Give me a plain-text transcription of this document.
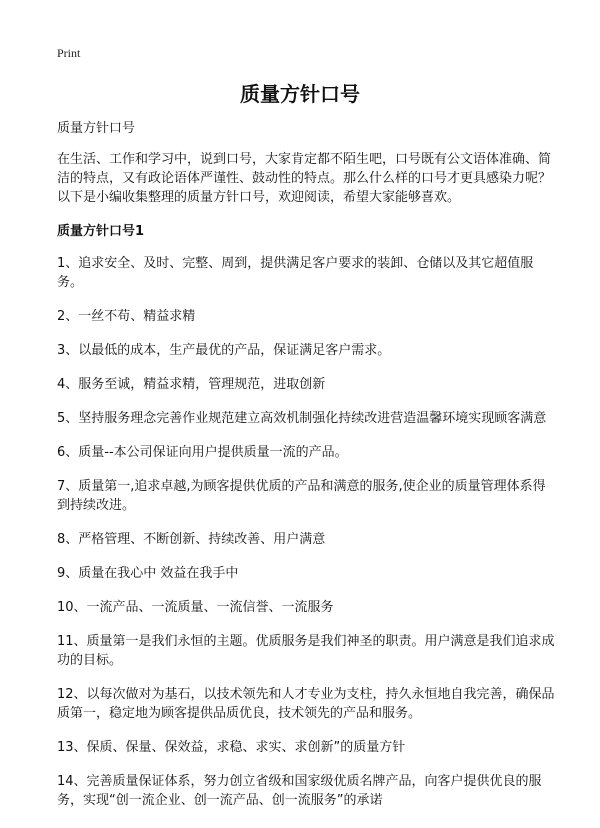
Print
质量方针口号

质量方针口号

在生活、工作和学习中，说到口号，大家肯定都不陌生吧，口号既有公文语体准确、简洁的特点，又有政论语体严谨性、鼓动性的特点。那么什么样的口号才更具感染力呢？以下是小编收集整理的质量方针口号，欢迎阅读，希望大家能够喜欢。

质量方针口号1

1、追求安全、及时、完整、周到，提供满足客户要求的装卸、仓储以及其它超值服务。

2、一丝不苟、精益求精

3、以最低的成本，生产最优的产品，保证满足客户需求。

4、服务至诚，精益求精，管理规范，进取创新

5、坚持服务理念完善作业规范建立高效机制强化持续改进营造温馨环境实现顾客满意

6、质量--本公司保证向用户提供质量一流的产品。

7、质量第一,追求卓越,为顾客提供优质的产品和满意的服务,使企业的质量管理体系得到持续改进。

8、严格管理、不断创新、持续改善、用户满意

9、质量在我心中 效益在我手中

10、一流产品、一流质量、一流信誉、一流服务

11、质量第一是我们永恒的主题。优质服务是我们神圣的职责。用户满意是我们追求成功的目标。

12、以每次做对为基石，以技术领先和人才专业为支柱，持久永恒地自我完善，确保品质第一，稳定地为顾客提供品质优良，技术领先的产品和服务。

13、保质、保量、保效益，求稳、求实、求创新”的质量方针

14、完善质量保证体系，努力创立省级和国家级优质名牌产品，向客户提供优良的服务，实现“创一流企业、创一流产品、创一流服务”的承诺
